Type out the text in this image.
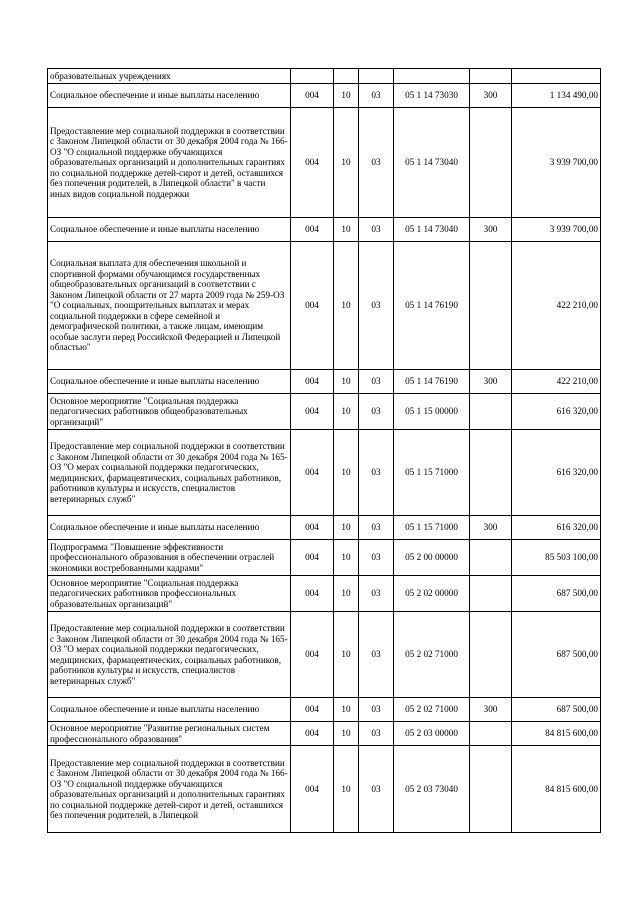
образовательных учреждениях						
Социальное обеспечение и иные выплаты населению	004	10	03	05 1 14 73030	300	1 134 490,00
Предоставление мер социальной поддержки в соответствии с Законом Липецкой области от 30 декабря 2004 года № 166-ОЗ "О социальной поддержке обучающихся образовательных организаций и дополнительных гарантиях по социальной поддержке детей-сирот и детей, оставшихся без попечения родителей, в Липецкой области" в части иных видов социальной поддержки	004	10	03	05 1 14 73040		3 939 700,00
Социальное обеспечение и иные выплаты населению	004	10	03	05 1 14 73040	300	3 939 700,00
Социальная выплата для обеспечения школьной и спортивной формами обучающимся государственных общеобразовательных организаций в соответствии с Законом Липецкой области от 27 марта 2009 года № 259-ОЗ "О социальных, поощрительных выплатах и мерах социальной поддержки в сфере семейной и демографической политики, а также лицам, имеющим особые заслуги перед Российской Федерацией и Липецкой областью"	004	10	03	05 1 14 76190		422 210,00
Социальное обеспечение и иные выплаты населению	004	10	03	05 1 14 76190	300	422 210,00
Основное мероприятие "Социальная поддержка педагогических работников общеобразовательных организаций"	004	10	03	05 1 15 00000		616 320,00
Предоставление мер социальной поддержки в соответствии с Законом Липецкой области от 30 декабря 2004 года № 165-ОЗ "О мерах социальной поддержки педагогических, медицинских, фармацевтических, социальных работников, работников культуры и искусств, специалистов ветеринарных служб"	004	10	03	05 1 15 71000		616 320,00
Социальное обеспечение и иные выплаты населению	004	10	03	05 1 15 71000	300	616 320,00
Подпрограмма "Повышение эффективности профессионального образования в обеспечении отраслей экономики востребованными кадрами"	004	10	03	05 2 00 00000		85 503 100,00
Основное мероприятие "Социальная поддержка педагогических работников профессиональных образовательных организаций"	004	10	03	05 2 02 00000		687 500,00
Предоставление мер социальной поддержки в соответствии с Законом Липецкой области от 30 декабря 2004 года № 165-ОЗ "О мерах социальной поддержки педагогических, медицинских, фармацевтических, социальных работников, работников культуры и искусств, специалистов ветеринарных служб"	004	10	03	05 2 02 71000		687 500,00
Социальное обеспечение и иные выплаты населению	004	10	03	05 2 02 71000	300	687 500,00
Основное мероприятие "Развитие региональных систем профессионального образования"	004	10	03	05 2 03 00000		84 815 600,00
Предоставление мер социальной поддержки в соответствии с Законом Липецкой области от 30 декабря 2004 года № 166-ОЗ "О социальной поддержке обучающихся образовательных организаций и дополнительных гарантиях по социальной поддержке детей-сирот и детей, оставшихся без попечения родителей, в Липецкой	004	10	03	05 2 03 73040		84 815 600,00
